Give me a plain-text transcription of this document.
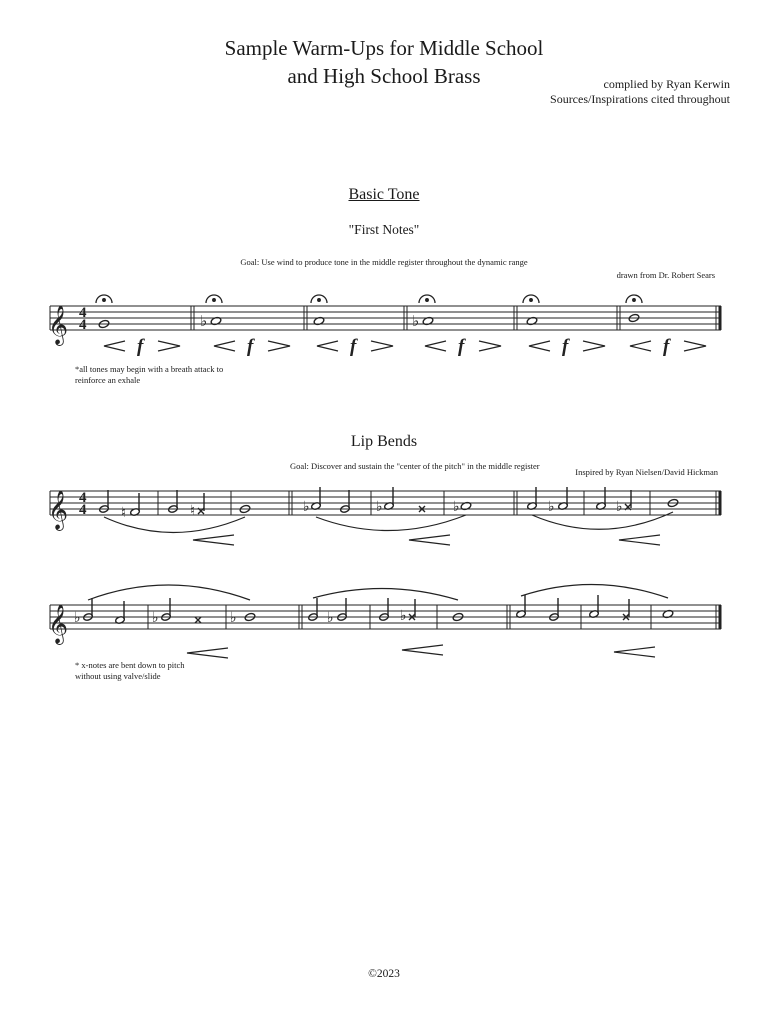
Sample Warm-Ups for Middle School
and High School Brass	complied by Ryan Kerwin
Sources/Inspirations cited throughout
Basic Tone
"First Notes"
Goal: Use wind to produce tone in the middle register throughout the dynamic range
drawn from Dr. Robert Sears
𝄞 4
4	♭	♭
f	f	f	f	f	f
𝄞 4
4 ♮	♮	♭	♭	♭	♭	♭
𝄞 ♭	♭	♭	♭	♭
*all tones may begin with a breath attack to
reinforce an exhale
Lip Bends
Goal: Discover and sustain the "center of the pitch" in the middle register
Inspired by Ryan Nielsen/David Hickman
* x-notes are bent down to pitch
without using valve/slide
©2023
